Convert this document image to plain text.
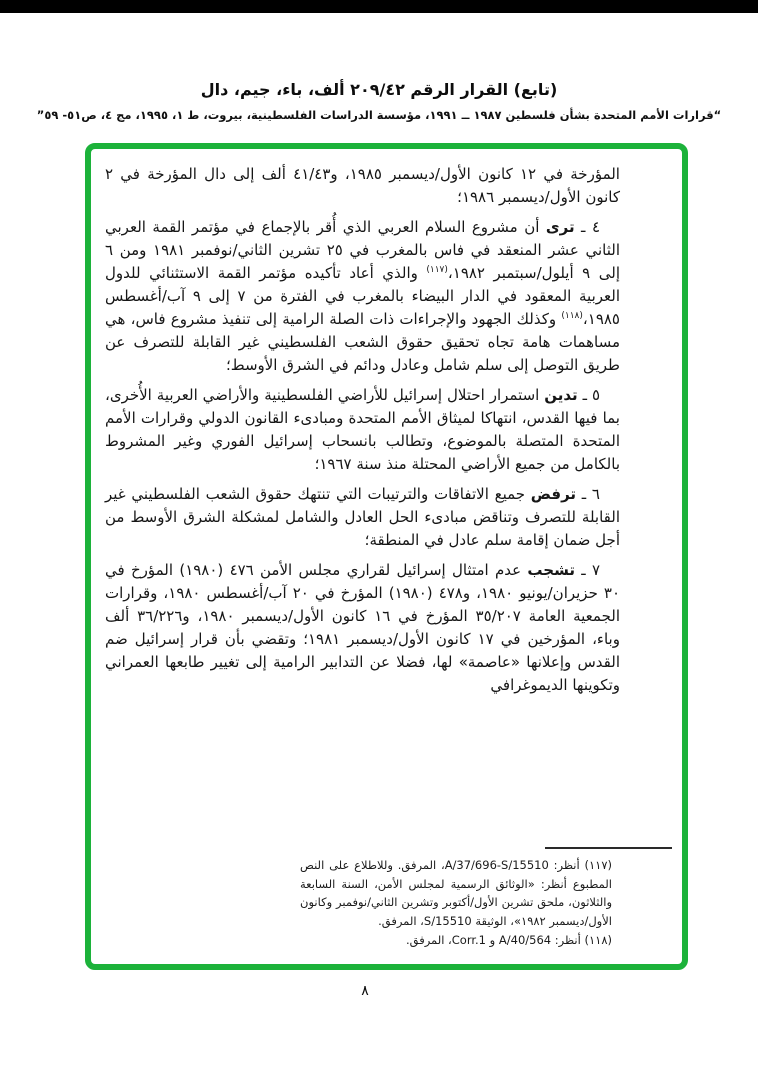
(تابع) القرار الرقم ٢٠٩/٤٢ ألف، باء، جيم، دال
“قرارات الأمم المتحدة بشأن فلسطين ١٩٨٧ ــ ١٩٩١، مؤسسة الدراسات الفلسطينية، بيروت، ط ١، ١٩٩٥، مج ٤، ص٥١- ٥٩”

المؤرخة في ١٢ كانون الأول/ديسمبر ١٩٨٥، و٤١/٤٣ ألف إلى دال المؤرخة في ٢ كانون الأول/ديسمبر ١٩٨٦؛

٤ ـ ترى أن مشروع السلام العربي الذي أُقر بالإجماع في مؤتمر القمة العربي الثاني عشر المنعقد في فاس بالمغرب في ٢٥ تشرين الثاني/نوفمبر ١٩٨١ ومن ٦ إلى ٩ أيلول/سبتمبر ١٩٨٢،$^{(١١٧)}$ والذي أعاد تأكيده مؤتمر القمة الاستثنائي للدول العربية المعقود في الدار البيضاء بالمغرب في الفترة من ٧ إلى ٩ آب/أغسطس ١٩٨٥،$^{(١١٨)}$ وكذلك الجهود والإجراءات ذات الصلة الرامية إلى تنفيذ مشروع فاس، هي مساهمات هامة تجاه تحقيق حقوق الشعب الفلسطيني غير القابلة للتصرف عن طريق التوصل إلى سلم شامل وعادل ودائم في الشرق الأوسط؛

٥ ـ تدين استمرار احتلال إسرائيل للأراضي الفلسطينية والأراضي العربية الأُخرى، بما فيها القدس، انتهاكا لميثاق الأمم المتحدة ومبادىء القانون الدولي وقرارات الأمم المتحدة المتصلة بالموضوع، وتطالب بانسحاب إسرائيل الفوري وغير المشروط بالكامل من جميع الأراضي المحتلة منذ سنة ١٩٦٧؛

٦ ـ ترفض جميع الاتفاقات والترتيبات التي تنتهك حقوق الشعب الفلسطيني غير القابلة للتصرف وتناقض مبادىء الحل العادل والشامل لمشكلة الشرق الأوسط من أجل ضمان إقامة سلم عادل في المنطقة؛

٧ ـ تشجب عدم امتثال إسرائيل لقراري مجلس الأمن ٤٧٦ (١٩٨٠) المؤرخ في ٣٠ حزيران/يونيو ١٩٨٠، و٤٧٨ (١٩٨٠) المؤرخ في ٢٠ آب/أغسطس ١٩٨٠، وقرارات الجمعية العامة ٣٥/٢٠٧ المؤرخ في ١٦ كانون الأول/ديسمبر ١٩٨٠، و٣٦/٢٢٦ ألف وباء، المؤرخين في ١٧ كانون الأول/ديسمبر ١٩٨١؛ وتقضي بأن قرار إسرائيل ضم القدس وإعلانها «عاصمة» لها، فضلا عن التدابير الرامية إلى تغيير طابعها العمراني وتكوينها الديموغرافي

(١١٧) أنظر: A/37/696-S/15510، المرفق. وللاطلاع على النص المطبوع أنظر: «الوثائق الرسمية لمجلس الأمن، السنة السابعة والثلاثون، ملحق تشرين الأول/أكتوبر وتشرين الثاني/نوفمبر وكانون الأول/ديسمبر ١٩٨٢»، الوثيقة S/15510، المرفق.

(١١٨) أنظر: A/40/564 و Corr.1، المرفق.

٨
